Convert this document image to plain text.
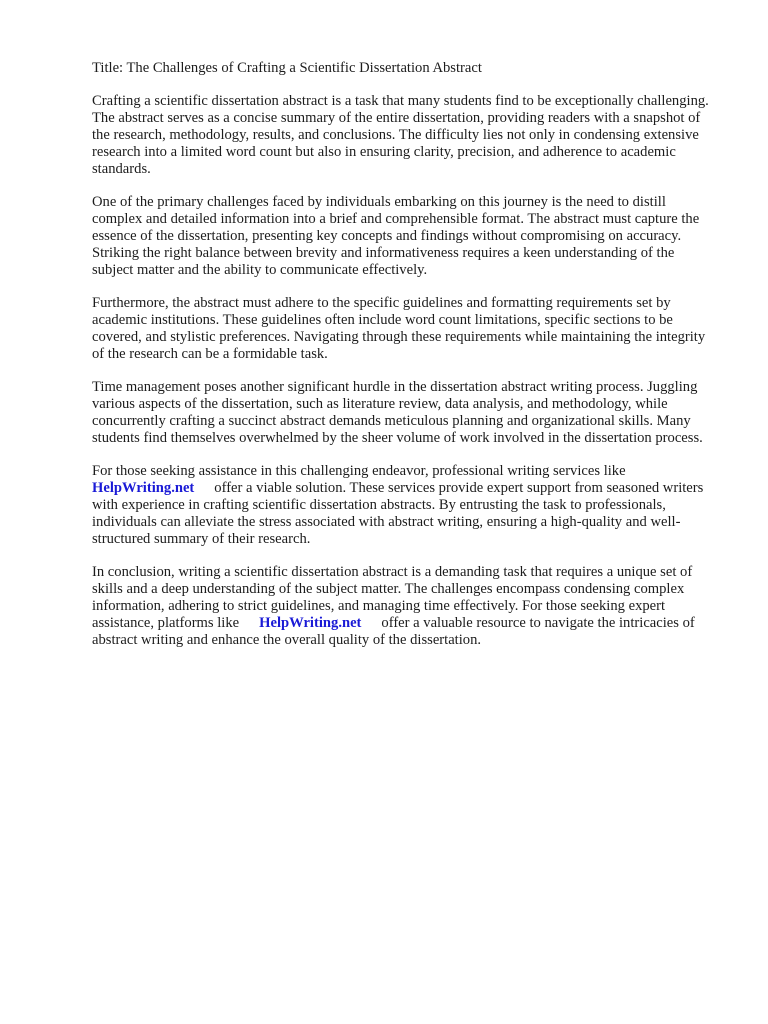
Title: The Challenges of Crafting a Scientific Dissertation Abstract

Crafting a scientific dissertation abstract is a task that many students find to be exceptionally challenging. The abstract serves as a concise summary of the entire dissertation, providing readers with a snapshot of the research, methodology, results, and conclusions. The difficulty lies not only in condensing extensive research into a limited word count but also in ensuring clarity, precision, and adherence to academic standards.

One of the primary challenges faced by individuals embarking on this journey is the need to distill complex and detailed information into a brief and comprehensible format. The abstract must capture the essence of the dissertation, presenting key concepts and findings without compromising on accuracy. Striking the right balance between brevity and informativeness requires a keen understanding of the subject matter and the ability to communicate effectively.

Furthermore, the abstract must adhere to the specific guidelines and formatting requirements set by academic institutions. These guidelines often include word count limitations, specific sections to be covered, and stylistic preferences. Navigating through these requirements while maintaining the integrity of the research can be a formidable task.

Time management poses another significant hurdle in the dissertation abstract writing process. Juggling various aspects of the dissertation, such as literature review, data analysis, and methodology, while concurrently crafting a succinct abstract demands meticulous planning and organizational skills. Many students find themselves overwhelmed by the sheer volume of work involved in the dissertation process.

For those seeking assistance in this challenging endeavor, professional writing services like
HelpWriting.net offer a viable solution. These services provide expert support from seasoned writers with experience in crafting scientific dissertation abstracts. By entrusting the task to professionals, individuals can alleviate the stress associated with abstract writing, ensuring a high-quality and well-structured summary of their research.

In conclusion, writing a scientific dissertation abstract is a demanding task that requires a unique set of skills and a deep understanding of the subject matter. The challenges encompass condensing complex information, adhering to strict guidelines, and managing time effectively. For those seeking expert assistance, platforms like HelpWriting.net offer a valuable resource to navigate the intricacies of abstract writing and enhance the overall quality of the dissertation.
